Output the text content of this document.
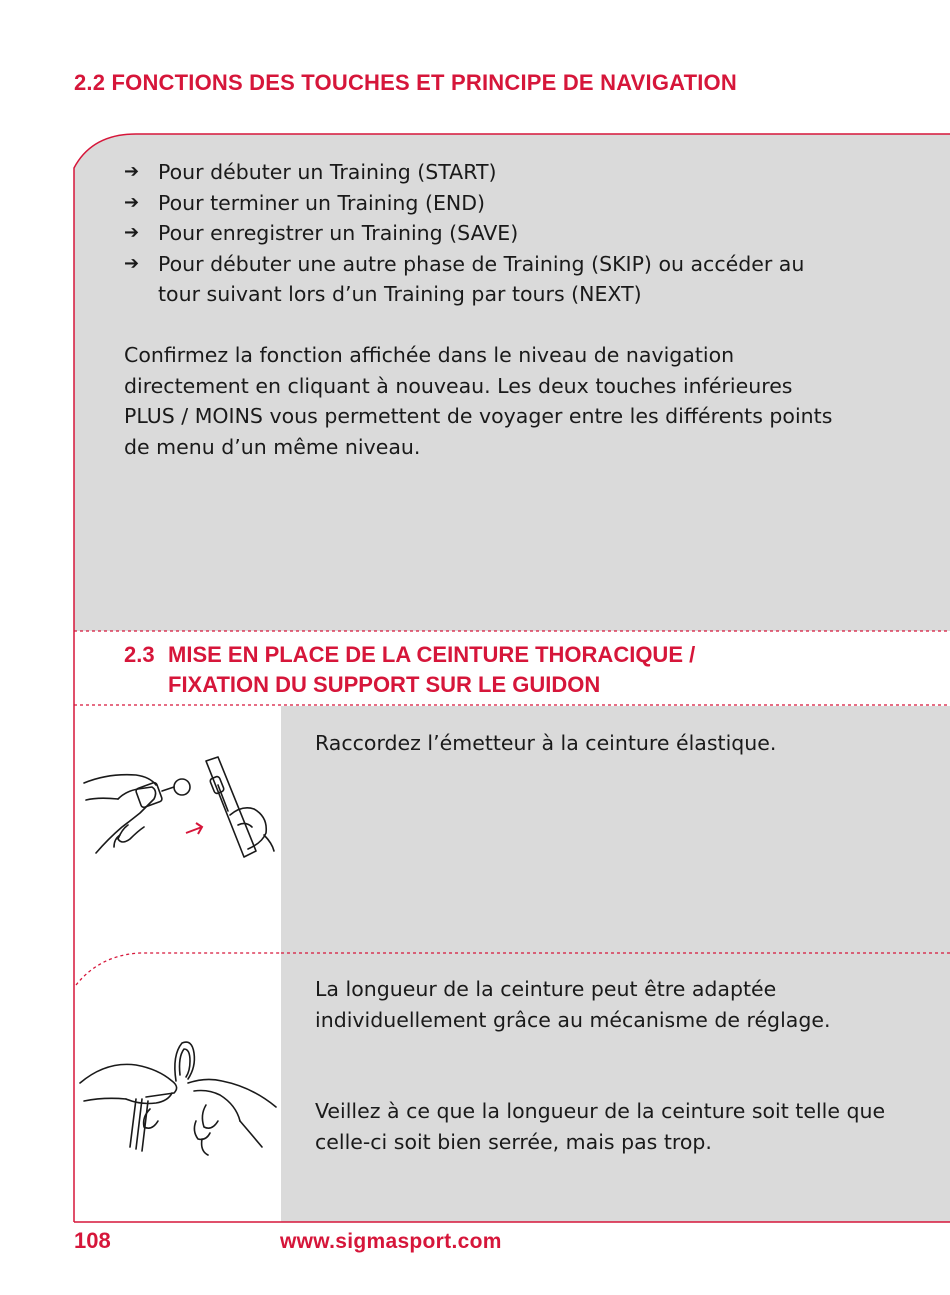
2.2 FONCTIONS DES TOUCHES ET PRINCIPE DE NAVIGATION
➔ Pour débuter un Training (START)
➔ Pour terminer un Training (END)
➔ Pour enregistrer un Training (SAVE)
➔ Pour débuter une autre phase de Training (SKIP) ou accéder au tour suivant lors d’un Training par tours (NEXT)

Confirmez la fonction affichée dans le niveau de navigation directement en cliquant à nouveau. Les deux touches inférieures PLUS / MOINS vous permettent de voyager entre les différents points de menu d’un même niveau.

2.3 MISE EN PLACE DE LA CEINTURE THORACIQUE /
FIXATION DU SUPPORT SUR LE GUIDON

Raccordez l’émetteur à la ceinture élastique.

La longueur de la ceinture peut être adaptée individuellement grâce au mécanisme de réglage.

Veillez à ce que la longueur de la ceinture soit telle que celle-ci soit bien serrée, mais pas trop.

108	www.sigmasport.com
